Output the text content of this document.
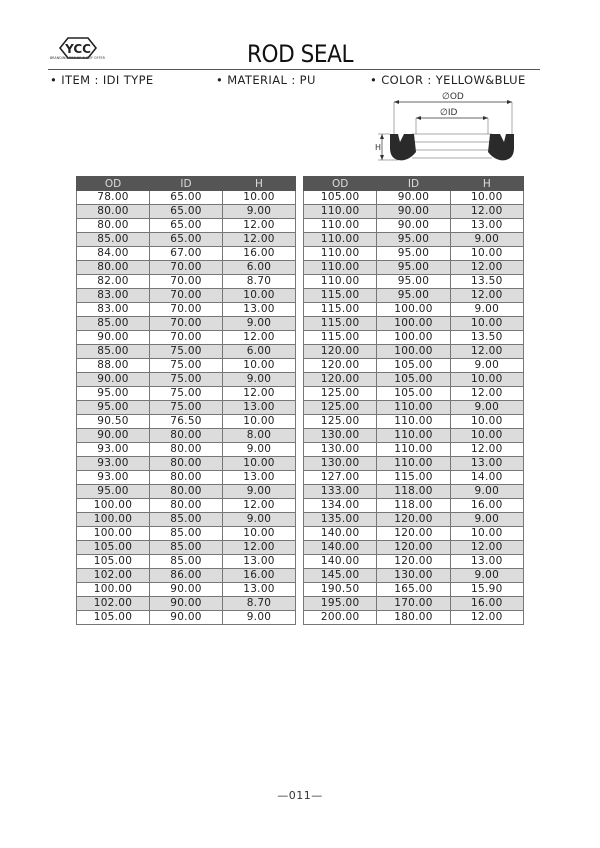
YCC
BRANDING TOP OF & BUY OFFER	ROD SEAL
• ITEM : IDI TYPE	• MATERIAL : PU	• COLOR : YELLOW&BLUE
∅OD
∅ID
H
OD	ID	H
78.00	65.00	10.00
80.00	65.00	9.00
80.00	65.00	12.00
85.00	65.00	12.00
84.00	67.00	16.00
80.00	70.00	6.00
82.00	70.00	8.70
83.00	70.00	10.00
83.00	70.00	13.00
85.00	70.00	9.00
90.00	70.00	12.00
85.00	75.00	6.00
88.00	75.00	10.00
90.00	75.00	9.00
95.00	75.00	12.00
95.00	75.00	13.00
90.50	76.50	10.00
90.00	80.00	8.00
93.00	80.00	9.00
93.00	80.00	10.00
93.00	80.00	13.00
95.00	80.00	9.00
100.00	80.00	12.00
100.00	85.00	9.00
100.00	85.00	10.00
105.00	85.00	12.00
105.00	85.00	13.00
102.00	86.00	16.00
100.00	90.00	13.00
102.00	90.00	8.70
105.00	90.00	9.00
OD	ID	H
105.00	90.00	10.00
110.00	90.00	12.00
110.00	90.00	13.00
110.00	95.00	9.00
110.00	95.00	10.00
110.00	95.00	12.00
110.00	95.00	13.50
115.00	95.00	12.00
115.00	100.00	9.00
115.00	100.00	10.00
115.00	100.00	13.50
120.00	100.00	12.00
120.00	105.00	9.00
120.00	105.00	10.00
125.00	105.00	12.00
125.00	110.00	9.00
125.00	110.00	10.00
130.00	110.00	10.00
130.00	110.00	12.00
130.00	110.00	13.00
127.00	115.00	14.00
133.00	118.00	9.00
134.00	118.00	16.00
135.00	120.00	9.00
140.00	120.00	10.00
140.00	120.00	12.00
140.00	120.00	13.00
145.00	130.00	9.00
190.50	165.00	15.90
195.00	170.00	16.00
200.00	180.00	12.00
—011—
